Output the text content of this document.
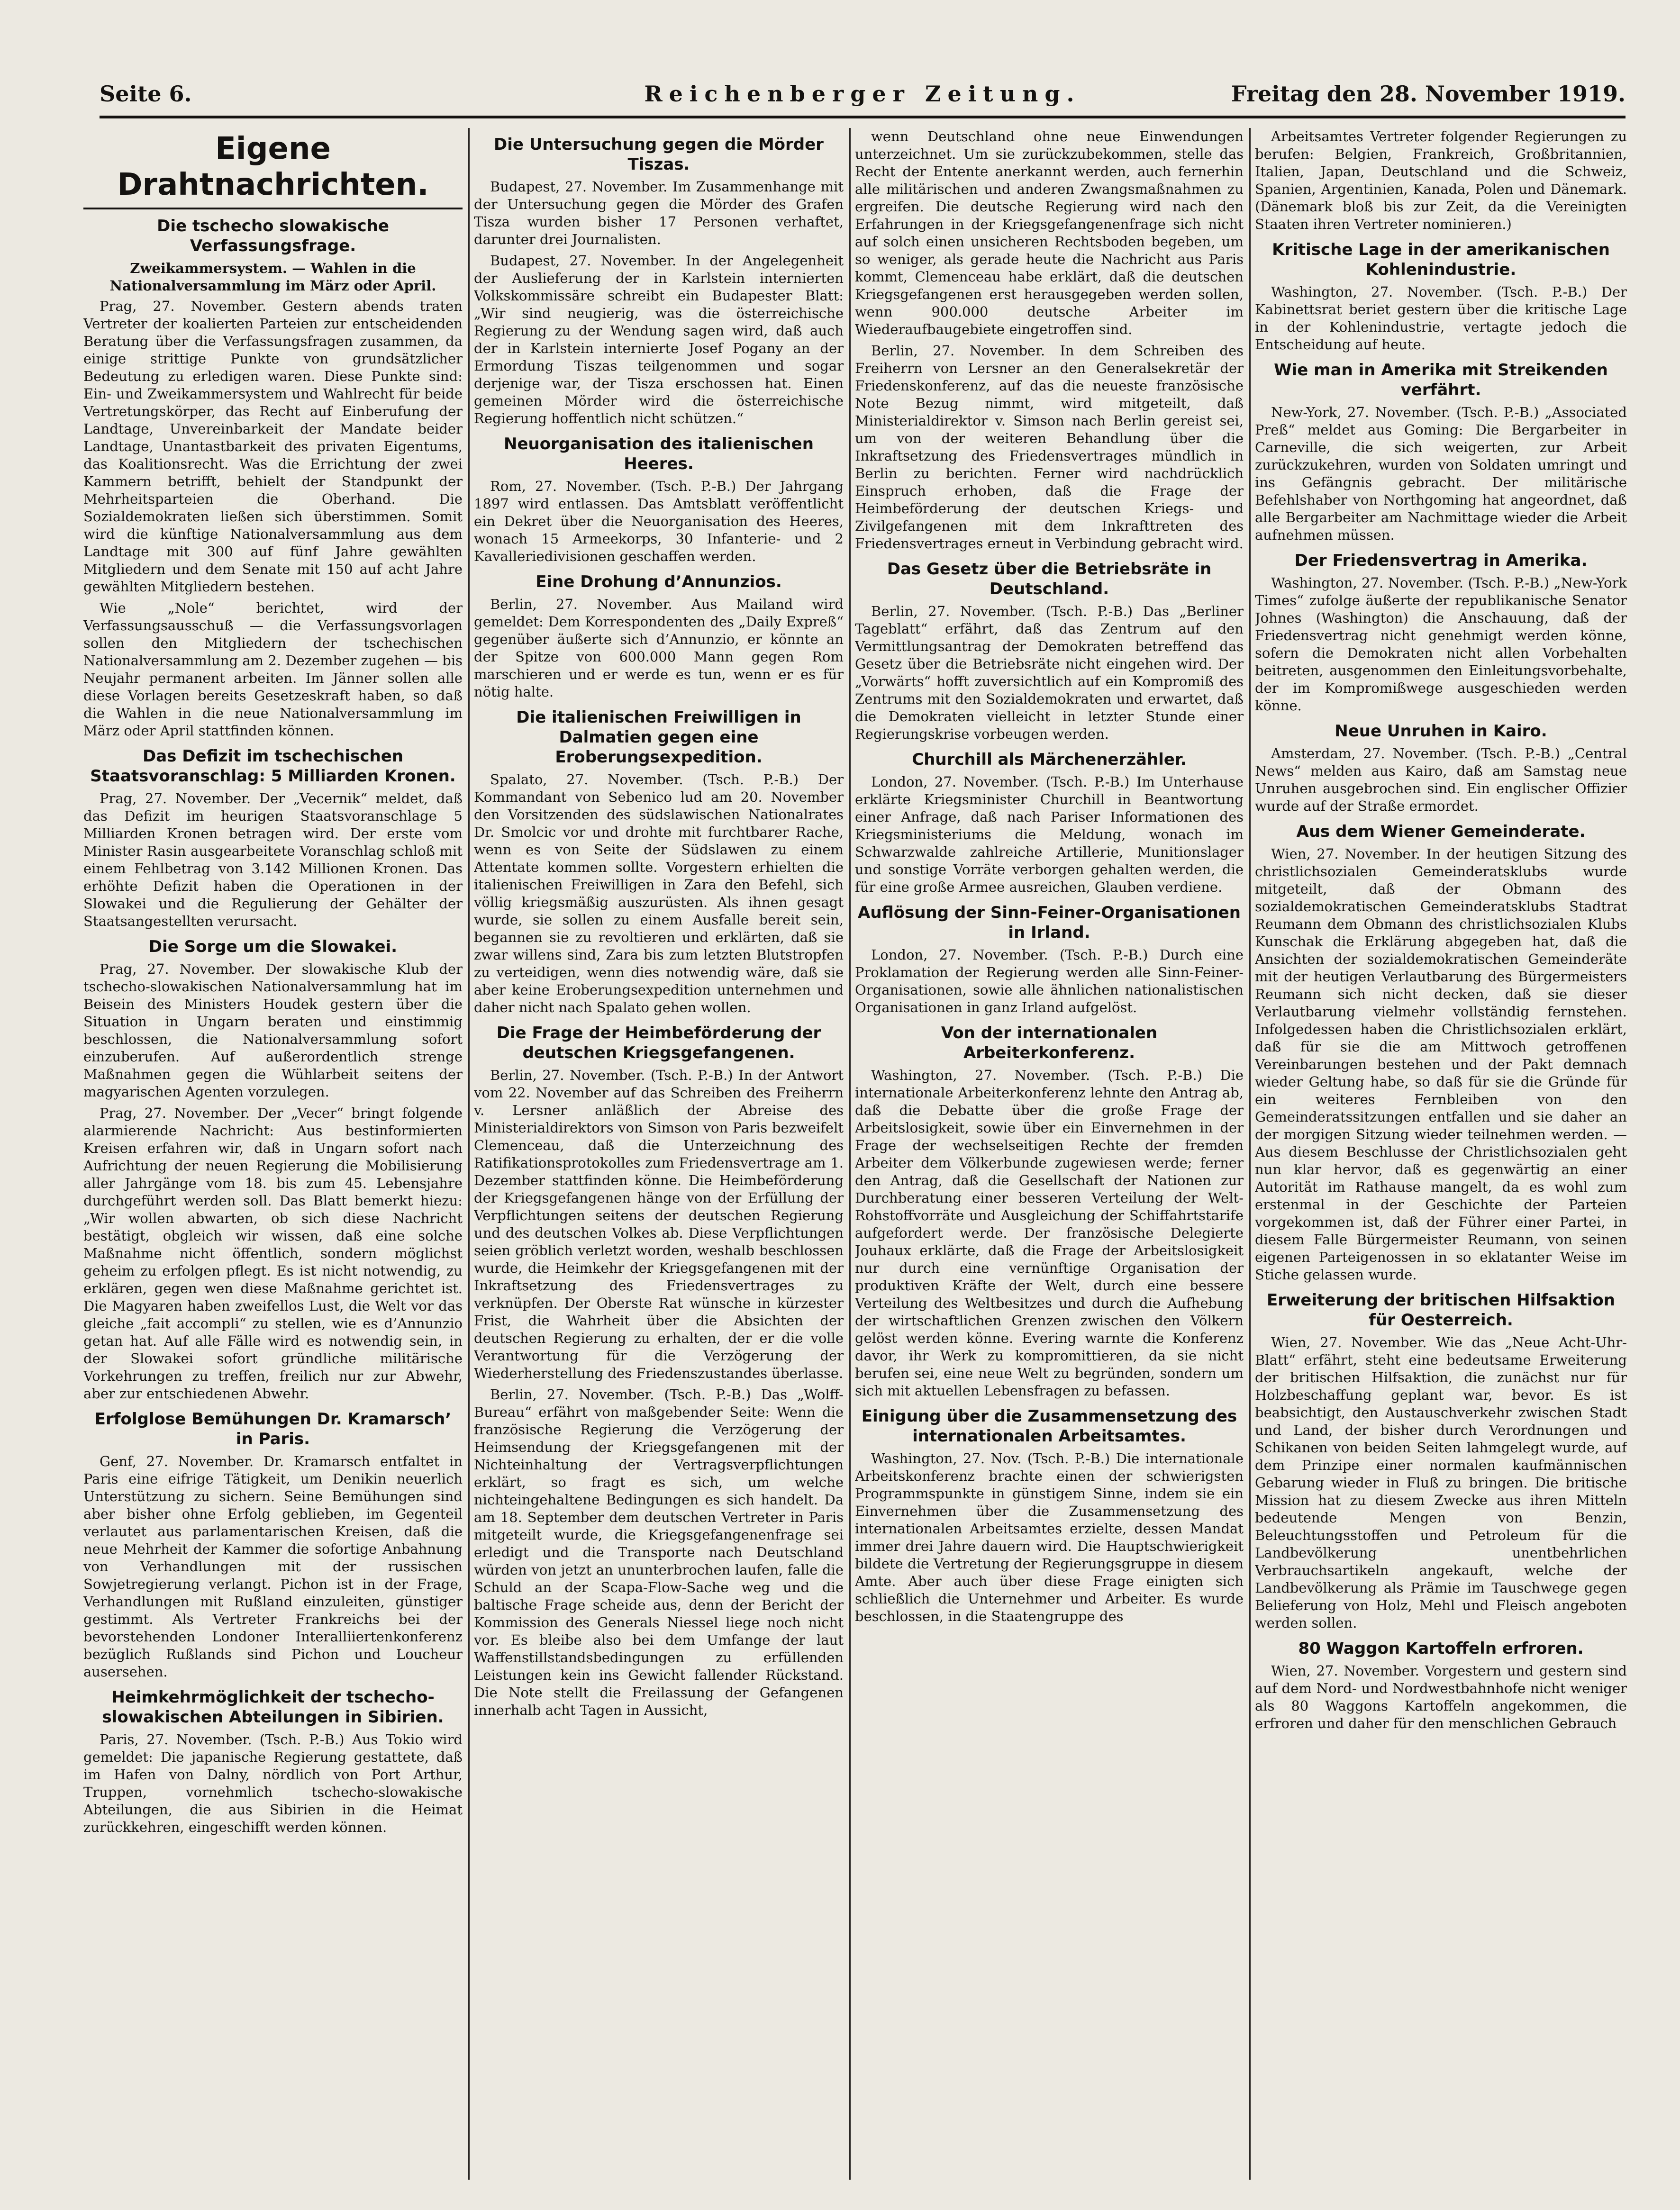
Seite 6.	Reichenberger Zeitung.	Freitag den 28. November 1919.
Eigene Drahtnachrichten.
Die tschecho slowakische Verfassungsfrage.
Zweikammersystem. — Wahlen in die Nationalversammlung im März oder April.

Prag, 27. November. Gestern abends traten Vertreter der koalierten Parteien zur entscheidenden Beratung über die Verfassungsfragen zusammen, da einige strittige Punkte von grundsätzlicher Bedeutung zu erledigen waren. Diese Punkte sind: Ein- und Zweikammersystem und Wahlrecht für beide Vertretungskörper, das Recht auf Einberufung der Landtage, Unvereinbarkeit der Mandate beider Landtage, Unantastbarkeit des privaten Eigentums, das Koalitionsrecht. Was die Errichtung der zwei Kammern betrifft, behielt der Standpunkt der Mehrheitsparteien die Oberhand. Die Sozialdemokraten ließen sich überstimmen. Somit wird die künftige Nationalversammlung aus dem Landtage mit 300 auf fünf Jahre gewählten Mitgliedern und dem Senate mit 150 auf acht Jahre gewählten Mitgliedern bestehen.

Wie „Nole“ berichtet, wird der Verfassungsausschuß — die Verfassungsvorlagen sollen den Mitgliedern der tschechischen Nationalversammlung am 2. Dezember zugehen — bis Neujahr permanent arbeiten. Im Jänner sollen alle diese Vorlagen bereits Gesetzeskraft haben, so daß die Wahlen in die neue Nationalversammlung im März oder April stattfinden können.

Das Defizit im tschechischen Staatsvoranschlag: 5 Milliarden Kronen.

Prag, 27. November. Der „Vecernik“ meldet, daß das Defizit im heurigen Staatsvoranschlage 5 Milliarden Kronen betragen wird. Der erste vom Minister Rasin ausgearbeitete Voranschlag schloß mit einem Fehlbetrag von 3.142 Millionen Kronen. Das erhöhte Defizit haben die Operationen in der Slowakei und die Regulierung der Gehälter der Staatsangestellten verursacht.

Die Sorge um die Slowakei.

Prag, 27. November. Der slowakische Klub der tschecho-slowakischen Nationalversammlung hat im Beisein des Ministers Houdek gestern über die Situation in Ungarn beraten und einstimmig beschlossen, die Nationalversammlung sofort einzuberufen. Auf außerordentlich strenge Maßnahmen gegen die Wühlarbeit seitens der magyarischen Agenten vorzulegen.

Prag, 27. November. Der „Vecer“ bringt folgende alarmierende Nachricht: Aus bestinformierten Kreisen erfahren wir, daß in Ungarn sofort nach Aufrichtung der neuen Regierung die Mobilisierung aller Jahrgänge vom 18. bis zum 45. Lebensjahre durchgeführt werden soll. Das Blatt bemerkt hiezu: „Wir wollen abwarten, ob sich diese Nachricht bestätigt, obgleich wir wissen, daß eine solche Maßnahme nicht öffentlich, sondern möglichst geheim zu erfolgen pflegt. Es ist nicht notwendig, zu erklären, gegen wen diese Maßnahme gerichtet ist. Die Magyaren haben zweifellos Lust, die Welt vor das gleiche „fait accompli“ zu stellen, wie es d’Annunzio getan hat. Auf alle Fälle wird es notwendig sein, in der Slowakei sofort gründliche militärische Vorkehrungen zu treffen, freilich nur zur Abwehr, aber zur entschiedenen Abwehr.

Erfolglose Bemühungen Dr. Kramarsch’ in Paris.

Genf, 27. November. Dr. Kramarsch entfaltet in Paris eine eifrige Tätigkeit, um Denikin neuerlich Unterstützung zu sichern. Seine Bemühungen sind aber bisher ohne Erfolg geblieben, im Gegenteil verlautet aus parlamentarischen Kreisen, daß die neue Mehrheit der Kammer die sofortige Anbahnung von Verhandlungen mit der russischen Sowjetregierung verlangt. Pichon ist in der Frage, Verhandlungen mit Rußland einzuleiten, günstiger gestimmt. Als Vertreter Frankreichs bei der bevorstehenden Londoner Interalliiertenkonferenz bezüglich Rußlands sind Pichon und Loucheur ausersehen.

Heimkehrmöglichkeit der tschecho-slowakischen Abteilungen in Sibirien.

Paris, 27. November. (Tsch. P.-B.) Aus Tokio wird gemeldet: Die japanische Regierung gestattete, daß im Hafen von Dalny, nördlich von Port Arthur, Truppen, vornehmlich tschecho-slowakische Abteilungen, die aus Sibirien in die Heimat zurückkehren, eingeschifft werden können.

Die Untersuchung gegen die Mörder Tiszas.

Budapest, 27. November. Im Zusammenhange mit der Untersuchung gegen die Mörder des Grafen Tisza wurden bisher 17 Personen verhaftet, darunter drei Journalisten.

Budapest, 27. November. In der Angelegenheit der Auslieferung der in Karlstein internierten Volkskommissäre schreibt ein Budapester Blatt: „Wir sind neugierig, was die österreichische Regierung zu der Wendung sagen wird, daß auch der in Karlstein internierte Josef Pogany an der Ermordung Tiszas teilgenommen und sogar derjenige war, der Tisza erschossen hat. Einen gemeinen Mörder wird die österreichische Regierung hoffentlich nicht schützen.“

Neuorganisation des italienischen Heeres.

Rom, 27. November. (Tsch. P.-B.) Der Jahrgang 1897 wird entlassen. Das Amtsblatt veröffentlicht ein Dekret über die Neuorganisation des Heeres, wonach 15 Armeekorps, 30 Infanterie- und 2 Kavalleriedivisionen geschaffen werden.

Eine Drohung d’Annunzios.

Berlin, 27. November. Aus Mailand wird gemeldet: Dem Korrespondenten des „Daily Expreß“ gegenüber äußerte sich d’Annunzio, er könnte an der Spitze von 600.000 Mann gegen Rom marschieren und er werde es tun, wenn er es für nötig halte.

Die italienischen Freiwilligen in Dalmatien gegen eine Eroberungsexpedition.

Spalato, 27. November. (Tsch. P.-B.) Der Kommandant von Sebenico lud am 20. November den Vorsitzenden des südslawischen Nationalrates Dr. Smolcic vor und drohte mit furchtbarer Rache, wenn es von Seite der Südslawen zu einem Attentate kommen sollte. Vorgestern erhielten die italienischen Freiwilligen in Zara den Befehl, sich völlig kriegsmäßig auszurüsten. Als ihnen gesagt wurde, sie sollen zu einem Ausfalle bereit sein, begannen sie zu revoltieren und erklärten, daß sie zwar willens sind, Zara bis zum letzten Blutstropfen zu verteidigen, wenn dies notwendig wäre, daß sie aber keine Eroberungsexpedition unternehmen und daher nicht nach Spalato gehen wollen.

Die Frage der Heimbeförderung der deutschen Kriegsgefangenen.

Berlin, 27. November. (Tsch. P.-B.) In der Antwort vom 22. November auf das Schreiben des Freiherrn v. Lersner anläßlich der Abreise des Ministerialdirektors von Simson von Paris bezweifelt Clemenceau, daß die Unterzeichnung des Ratifikationsprotokolles zum Friedensvertrage am 1. Dezember stattfinden könne. Die Heimbeförderung der Kriegsgefangenen hänge von der Erfüllung der Verpflichtungen seitens der deutschen Regierung und des deutschen Volkes ab. Diese Verpflichtungen seien gröblich verletzt worden, weshalb beschlossen wurde, die Heimkehr der Kriegsgefangenen mit der Inkraftsetzung des Friedensvertrages zu verknüpfen. Der Oberste Rat wünsche in kürzester Frist, die Wahrheit über die Absichten der deutschen Regierung zu erhalten, der er die volle Verantwortung für die Verzögerung der Wiederherstellung des Friedenszustandes überlasse.

Berlin, 27. November. (Tsch. P.-B.) Das „Wolff-Bureau“ erfährt von maßgebender Seite: Wenn die französische Regierung die Verzögerung der Heimsendung der Kriegsgefangenen mit der Nichteinhaltung der Vertragsverpflichtungen erklärt, so fragt es sich, um welche nichteingehaltene Bedingungen es sich handelt. Da am 18. September dem deutschen Vertreter in Paris mitgeteilt wurde, die Kriegsgefangenenfrage sei erledigt und die Transporte nach Deutschland würden von jetzt an ununterbrochen laufen, falle die Schuld an der Scapa-Flow-Sache weg und die baltische Frage scheide aus, denn der Bericht der Kommission des Generals Niessel liege noch nicht vor. Es bleibe also bei dem Umfange der laut Waffenstillstandsbedingungen zu erfüllenden Leistungen kein ins Gewicht fallender Rückstand. Die Note stellt die Freilassung der Gefangenen innerhalb acht Tagen in Aussicht,

wenn Deutschland ohne neue Einwendungen unterzeichnet. Um sie zurückzubekommen, stelle das Recht der Entente anerkannt werden, auch fernerhin alle militärischen und anderen Zwangsmaßnahmen zu ergreifen. Die deutsche Regierung wird nach den Erfahrungen in der Kriegsgefangenenfrage sich nicht auf solch einen unsicheren Rechtsboden begeben, um so weniger, als gerade heute die Nachricht aus Paris kommt, Clemenceau habe erklärt, daß die deutschen Kriegsgefangenen erst herausgegeben werden sollen, wenn 900.000 deutsche Arbeiter im Wiederaufbaugebiete eingetroffen sind.

Berlin, 27. November. In dem Schreiben des Freiherrn von Lersner an den Generalsekretär der Friedenskonferenz, auf das die neueste französische Note Bezug nimmt, wird mitgeteilt, daß Ministerialdirektor v. Simson nach Berlin gereist sei, um von der weiteren Behandlung über die Inkraftsetzung des Friedensvertrages mündlich in Berlin zu berichten. Ferner wird nachdrücklich Einspruch erhoben, daß die Frage der Heimbeförderung der deutschen Kriegs- und Zivilgefangenen mit dem Inkrafttreten des Friedensvertrages erneut in Verbindung gebracht wird.

Das Gesetz über die Betriebsräte in Deutschland.

Berlin, 27. November. (Tsch. P.-B.) Das „Berliner Tageblatt“ erfährt, daß das Zentrum auf den Vermittlungsantrag der Demokraten betreffend das Gesetz über die Betriebsräte nicht eingehen wird. Der „Vorwärts“ hofft zuversichtlich auf ein Kompromiß des Zentrums mit den Sozialdemokraten und erwartet, daß die Demokraten vielleicht in letzter Stunde einer Regierungskrise vorbeugen werden.

Churchill als Märchenerzähler.

London, 27. November. (Tsch. P.-B.) Im Unterhause erklärte Kriegsminister Churchill in Beantwortung einer Anfrage, daß nach Pariser Informationen des Kriegsministeriums die Meldung, wonach im Schwarzwalde zahlreiche Artillerie, Munitionslager und sonstige Vorräte verborgen gehalten werden, die für eine große Armee ausreichen, Glauben verdiene.

Auflösung der Sinn-Feiner-Organisationen in Irland.

London, 27. November. (Tsch. P.-B.) Durch eine Proklamation der Regierung werden alle Sinn-Feiner-Organisationen, sowie alle ähnlichen nationalistischen Organisationen in ganz Irland aufgelöst.

Von der internationalen Arbeiterkonferenz.

Washington, 27. November. (Tsch. P.-B.) Die internationale Arbeiterkonferenz lehnte den Antrag ab, daß die Debatte über die große Frage der Arbeitslosigkeit, sowie über ein Einvernehmen in der Frage der wechselseitigen Rechte der fremden Arbeiter dem Völkerbunde zugewiesen werde; ferner den Antrag, daß die Gesellschaft der Nationen zur Durchberatung einer besseren Verteilung der Welt-Rohstoffvorräte und Ausgleichung der Schiffahrtstarife aufgefordert werde. Der französische Delegierte Jouhaux erklärte, daß die Frage der Arbeitslosigkeit nur durch eine vernünftige Organisation der produktiven Kräfte der Welt, durch eine bessere Verteilung des Weltbesitzes und durch die Aufhebung der wirtschaftlichen Grenzen zwischen den Völkern gelöst werden könne. Evering warnte die Konferenz davor, ihr Werk zu kompromittieren, da sie nicht berufen sei, eine neue Welt zu begründen, sondern um sich mit aktuellen Lebensfragen zu befassen.

Einigung über die Zusammensetzung des internationalen Arbeitsamtes.

Washington, 27. Nov. (Tsch. P.-B.) Die internationale Arbeitskonferenz brachte einen der schwierigsten Programmspunkte in günstigem Sinne, indem sie ein Einvernehmen über die Zusammensetzung des internationalen Arbeitsamtes erzielte, dessen Mandat immer drei Jahre dauern wird. Die Hauptschwierigkeit bildete die Vertretung der Regierungsgruppe in diesem Amte. Aber auch über diese Frage einigten sich schließlich die Unternehmer und Arbeiter. Es wurde beschlossen, in die Staatengruppe des

Arbeitsamtes Vertreter folgender Regierungen zu berufen: Belgien, Frankreich, Großbritannien, Italien, Japan, Deutschland und die Schweiz, Spanien, Argentinien, Kanada, Polen und Dänemark. (Dänemark bloß bis zur Zeit, da die Vereinigten Staaten ihren Vertreter nominieren.)

Kritische Lage in der amerikanischen Kohlenindustrie.

Washington, 27. November. (Tsch. P.-B.) Der Kabinettsrat beriet gestern über die kritische Lage in der Kohlenindustrie, vertagte jedoch die Entscheidung auf heute.

Wie man in Amerika mit Streikenden verfährt.

New-York, 27. November. (Tsch. P.-B.) „Associated Preß“ meldet aus Goming: Die Bergarbeiter in Carneville, die sich weigerten, zur Arbeit zurückzukehren, wurden von Soldaten umringt und ins Gefängnis gebracht. Der militärische Befehlshaber von Northgoming hat angeordnet, daß alle Bergarbeiter am Nachmittage wieder die Arbeit aufnehmen müssen.

Der Friedensvertrag in Amerika.

Washington, 27. November. (Tsch. P.-B.) „New-York Times“ zufolge äußerte der republikanische Senator Johnes (Washington) die Anschauung, daß der Friedensvertrag nicht genehmigt werden könne, sofern die Demokraten nicht allen Vorbehalten beitreten, ausgenommen den Einleitungsvorbehalte, der im Kompromißwege ausgeschieden werden könne.

Neue Unruhen in Kairo.

Amsterdam, 27. November. (Tsch. P.-B.) „Central News“ melden aus Kairo, daß am Samstag neue Unruhen ausgebrochen sind. Ein englischer Offizier wurde auf der Straße ermordet.

Aus dem Wiener Gemeinderate.

Wien, 27. November. In der heutigen Sitzung des christlichsozialen Gemeinderatsklubs wurde mitgeteilt, daß der Obmann des sozialdemokratischen Gemeinderatsklubs Stadtrat Reumann dem Obmann des christlichsozialen Klubs Kunschak die Erklärung abgegeben hat, daß die Ansichten der sozialdemokratischen Gemeinderäte mit der heutigen Verlautbarung des Bürgermeisters Reumann sich nicht decken, daß sie dieser Verlautbarung vielmehr vollständig fernstehen. Infolgedessen haben die Christlichsozialen erklärt, daß für sie die am Mittwoch getroffenen Vereinbarungen bestehen und der Pakt demnach wieder Geltung habe, so daß für sie die Gründe für ein weiteres Fernbleiben von den Gemeinderatssitzungen entfallen und sie daher an der morgigen Sitzung wieder teilnehmen werden. — Aus diesem Beschlusse der Christlichsozialen geht nun klar hervor, daß es gegenwärtig an einer Autorität im Rathause mangelt, da es wohl zum erstenmal in der Geschichte der Parteien vorgekommen ist, daß der Führer einer Partei, in diesem Falle Bürgermeister Reumann, von seinen eigenen Parteigenossen in so eklatanter Weise im Stiche gelassen wurde.

Erweiterung der britischen Hilfsaktion für Oesterreich.

Wien, 27. November. Wie das „Neue Acht-Uhr-Blatt“ erfährt, steht eine bedeutsame Erweiterung der britischen Hilfsaktion, die zunächst nur für Holzbeschaffung geplant war, bevor. Es ist beabsichtigt, den Austauschverkehr zwischen Stadt und Land, der bisher durch Verordnungen und Schikanen von beiden Seiten lahmgelegt wurde, auf dem Prinzipe einer normalen kaufmännischen Gebarung wieder in Fluß zu bringen. Die britische Mission hat zu diesem Zwecke aus ihren Mitteln bedeutende Mengen von Benzin, Beleuchtungsstoffen und Petroleum für die Landbevölkerung unentbehrlichen Verbrauchsartikeln angekauft, welche der Landbevölkerung als Prämie im Tauschwege gegen Belieferung von Holz, Mehl und Fleisch angeboten werden sollen.

80 Waggon Kartoffeln erfroren.

Wien, 27. November. Vorgestern und gestern sind auf dem Nord- und Nordwestbahnhofe nicht weniger als 80 Waggons Kartoffeln angekommen, die erfroren und daher für den menschlichen Gebrauch
